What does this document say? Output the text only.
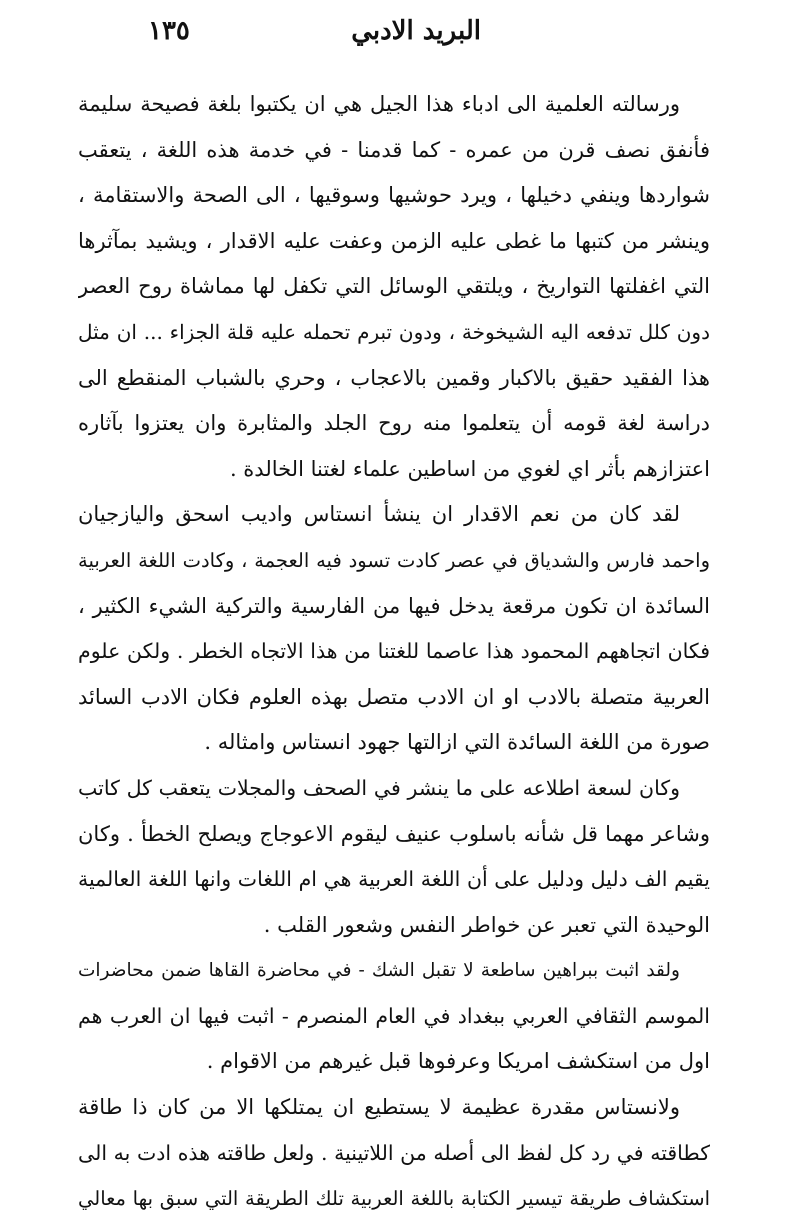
البريد الادبي
١٣٥
ورسالته العلمية الى ادباء هذا الجيل هي ان يكتبوا بلغة فصيحة سليمة
فأنفق نصف قرن من عمره - كما قدمنا - في خدمة هذه اللغة ، يتعقب
شواردها وينفي دخيلها ، ويرد حوشيها وسوقيها ، الى الصحة والاستقامة ،
وينشر من كتبها ما غطى عليه الزمن وعفت عليه الاقدار ، ويشيد بمآثرها
التي اغفلتها التواريخ ، ويلتقي الوسائل التي تكفل لها مماشاة روح العصر
دون كلل تدفعه اليه الشيخوخة ، ودون تبرم تحمله عليه قلة الجزاء ... ان مثل
هذا الفقيد حقيق بالاكبار وقمين بالاعجاب ، وحري بالشباب المنقطع الى
دراسة لغة قومه أن يتعلموا منه روح الجلد والمثابرة وان يعتزوا بآثاره
اعتزازهم بأثر اي لغوي من اساطين علماء لغتنا الخالدة .
لقد كان من نعم الاقدار ان ينشأ انستاس واديب اسحق واليازجيان
واحمد فارس والشدياق في عصر كادت تسود فيه العجمة ، وكادت اللغة العربية
السائدة ان تكون مرقعة يدخل فيها من الفارسية والتركية الشيء الكثير ،
فكان اتجاههم المحمود هذا عاصما للغتنا من هذا الاتجاه الخطر . ولكن علوم
العربية متصلة بالادب او ان الادب متصل بهذه العلوم فكان الادب السائد
صورة من اللغة السائدة التي ازالتها جهود انستاس وامثاله .
وكان لسعة اطلاعه على ما ينشر في الصحف والمجلات يتعقب كل كاتب
وشاعر مهما قل شأنه باسلوب عنيف ليقوم الاعوجاج ويصلح الخطأ . وكان
يقيم الف دليل ودليل على أن اللغة العربية هي ام اللغات وانها اللغة العالمية
الوحيدة التي تعبر عن خواطر النفس وشعور القلب .
ولقد اثبت ببراهين ساطعة لا تقبل الشك - في محاضرة القاها ضمن محاضرات
الموسم الثقافي العربي ببغداد في العام المنصرم - اثبت فيها ان العرب هم
اول من استكشف امريكا وعرفوها قبل غيرهم من الاقوام .
ولانستاس مقدرة عظيمة لا يستطيع ان يمتلكها الا من كان ذا طاقة
كطاقته في رد كل لفظ الى أصله من اللاتينية . ولعل طاقته هذه ادت به الى
استكشاف طريقة تيسير الكتابة باللغة العربية تلك الطريقة التي سبق بها معالي
